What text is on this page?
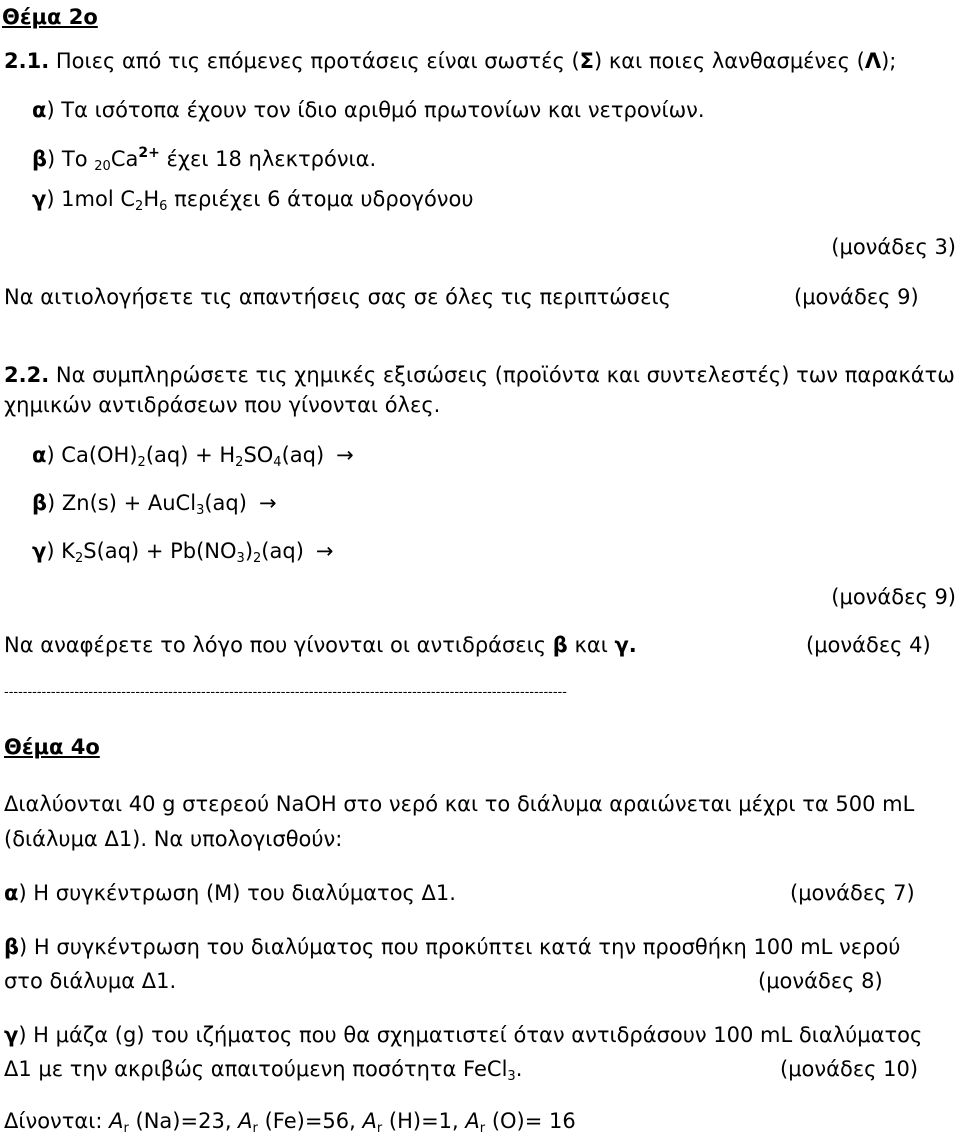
Θέμα 2ο
2.1. Ποιες από τις επόμενες προτάσεις είναι σωστές (Σ) και ποιες λανθασμένες (Λ);
α) Τα ισότοπα έχουν τον ίδιο αριθμό πρωτονίων και νετρονίων.
β) Το $20Ca^{2+}$ έχει 18 ηλεκτρόνια.
γ) 1mol C2H6 περιέχει 6 άτομα υδρογόνου
(μονάδες 3)
Να αιτιολογήσετε τις απαντήσεις σας σε όλες τις περιπτώσεις	(μονάδες 9)
2.2. Να συμπληρώσετε τις χημικές εξισώσεις (προϊόντα και συντελεστές) των παρακάτω
χημικών αντιδράσεων που γίνονται όλες.
α) Ca(OH)2(aq) + H2SO4(aq) →
β) Zn(s) + AuCl3(aq) →
γ) K2S(aq) + Pb(NO3)2(aq) →
(μονάδες 9)
Να αναφέρετε το λόγο που γίνονται οι αντιδράσεις β και γ.	(μονάδες 4)
------------------------------------------------------------------------------------------------------------------------
Θέμα 4ο
Διαλύονται 40 g στερεού NaOH στο νερό και το διάλυμα αραιώνεται μέχρι τα 500 mL
(διάλυμα Δ1). Να υπολογισθούν:
α) Η συγκέντρωση (M) του διαλύματος Δ1.	(μονάδες 7)
β) Η συγκέντρωση του διαλύματος που προκύπτει κατά την προσθήκη 100 mL νερού
στο διάλυμα Δ1.	(μονάδες 8)
γ) Η μάζα (g) του ιζήματος που θα σχηματιστεί όταν αντιδράσουν 100 mL διαλύματος
Δ1 με την ακριβώς απαιτούμενη ποσότητα FeCl3.	(μονάδες 10)
Δίνονται: Ar (Na)=23, Ar (Fe)=56, Ar (H)=1, Ar (O)= 16
